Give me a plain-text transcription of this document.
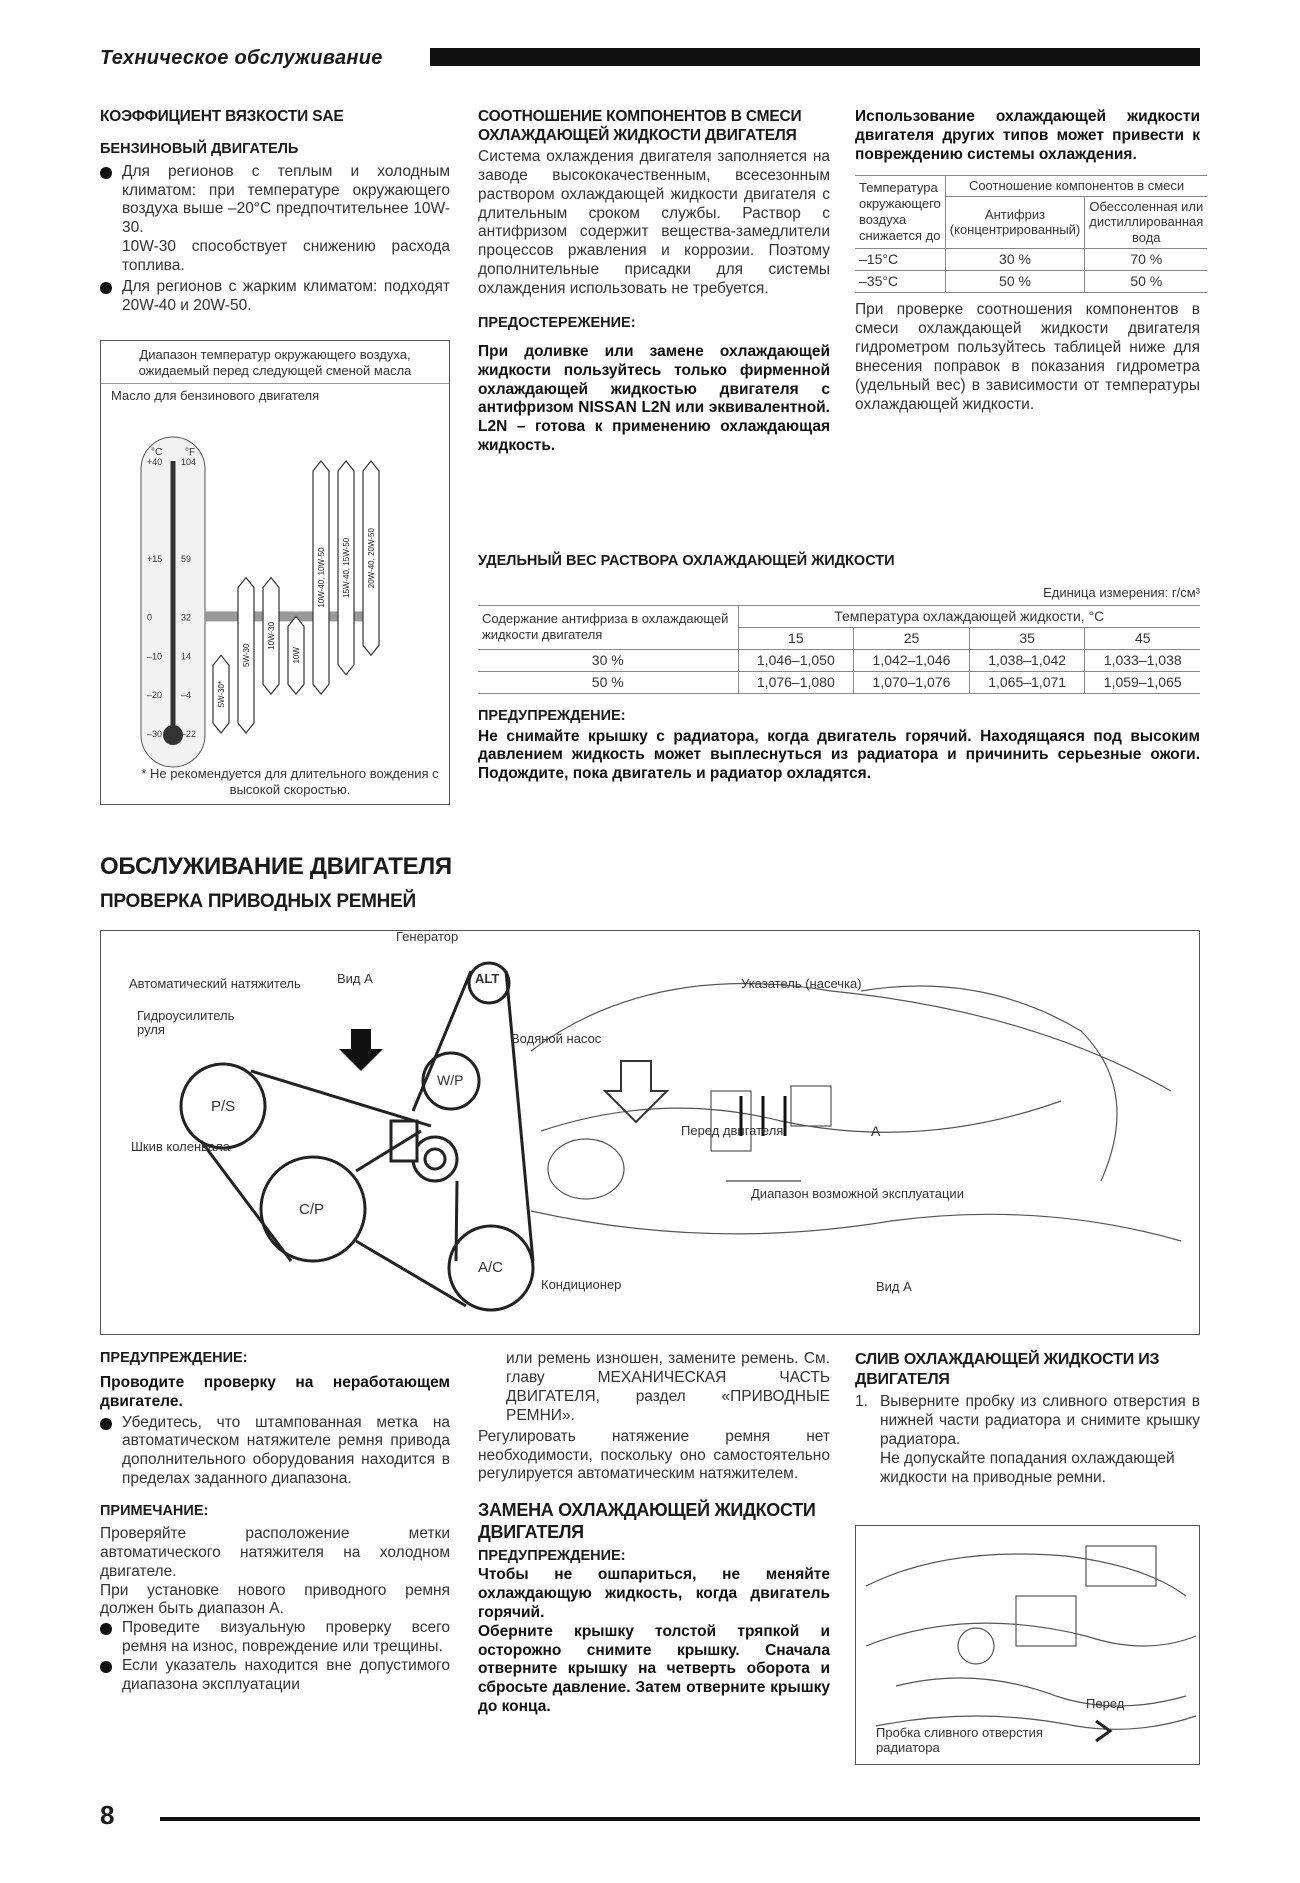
Техническое обслуживание
КОЭФФИЦИЕНТ ВЯЗКОСТИ SAE
БЕНЗИНОВЫЙ ДВИГАТЕЛЬ
Для регионов с теплым и холодным климатом: при температуре окружающего воздуха выше –20°C предпочтительнее 10W-30.
10W-30 способствует снижению расхода топлива.
Для регионов с жарким климатом: подходят 20W-40 и 20W-50.
Диапазон температур окружающего воздуха, ожидаемый перед следующей сменой масла
Масло для бензинового двигателя
°C °F
+40 104
+15 59
0	32
–10 14
–20 –4
–30 –22
5W-30*
5W-30
10W-30
10W
10W-40, 10W-50 15W-40, 15W-50 20W-40, 20W-50
* Не рекомендуется для длительного вождения с высокой скоростью.
СООТНОШЕНИЕ КОМПОНЕНТОВ В СМЕСИ ОХЛАЖДАЮЩЕЙ ЖИДКОСТИ ДВИГАТЕЛЯ
Система охлаждения двигателя заполняется на заводе высококачественным, всесезонным раствором охлаждающей жидкости двигателя с длительным сроком службы. Раствор с антифризом содержит вещества-замедлители процессов ржавления и коррозии. Поэтому дополнительные присадки для системы охлаждения использовать не требуется.
ПРЕДОСТЕРЕЖЕНИЕ:
При доливке или замене охлаждающей жидкости пользуйтесь только фирменной охлаждающей жидкостью двигателя с антифризом NISSAN L2N или эквивалентной. L2N – готова к применению охлаждающая жидкость.
Использование охлаждающей жидкости двигателя других типов может привести к повреждению системы охлаждения.
Температура окружающего воздуха снижается до	Соотношение компонентов в смеси	
	Антифриз (концентрированный)	Обессоленная или дистиллированная вода
–15°C	30 %	70 %
–35°C	50 %	50 %
При проверке соотношения компонентов в смеси охлаждающей жидкости двигателя гидрометром пользуйтесь таблицей ниже для внесения поправок в показания гидрометра (удельный вес) в зависимости от температуры охлаждающей жидкости.
УДЕЛЬНЫЙ ВЕС РАСТВОРА ОХЛАЖДАЮЩЕЙ ЖИДКОСТИ
Единица измерения: г/см³
Содержание антифриза в охлаждающей жидкости двигателя	Температура охлаждающей жидкости, °C			
	15	25	35	45
30 %	1,046–1,050	1,042–1,046	1,038–1,042	1,033–1,038
50 %	1,076–1,080	1,070–1,076	1,065–1,071	1,059–1,065
ПРЕДУПРЕЖДЕНИЕ:
Не снимайте крышку с радиатора, когда двигатель горячий. Находящаяся под высоким давлением жидкость может выплеснуться из радиатора и причинить серьезные ожоги. Подождите, пока двигатель и радиатор охладятся.
ОБСЛУЖИВАНИЕ ДВИГАТЕЛЯ
ПРОВЕРКА ПРИВОДНЫХ РЕМНЕЙ
Генератор
ALT
Автоматический натяжитель	Вид A
Гидроусилитель руля
P/S
W/P
Водяной насос
Шкив коленвала
C/P
A/C
Кондиционер
Указатель (насечка)
Перед двигателя	A
Диапазон возможной эксплуатации
Вид A
ПРЕДУПРЕЖДЕНИЕ:
Проводите проверку на неработающем двигателе.
Убедитесь, что штампованная метка на автоматическом натяжителе ремня привода дополнительного оборудования находится в пределах заданного диапазона.
ПРИМЕЧАНИЕ:
Проверяйте расположение метки автоматического натяжителя на холодном двигателе.
При установке нового приводного ремня должен быть диапазон A.
Проведите визуальную проверку всего ремня на износ, повреждение или трещины.
Если указатель находится вне допустимого диапазона эксплуатации
или ремень изношен, замените ремень. См. главу МЕХАНИЧЕСКАЯ ЧАСТЬ ДВИГАТЕЛЯ, раздел «ПРИВОДНЫЕ РЕМНИ».
Регулировать натяжение ремня нет необходимости, поскольку оно самостоятельно регулируется автоматическим натяжителем.
ЗАМЕНА ОХЛАЖДАЮЩЕЙ ЖИДКОСТИ ДВИГАТЕЛЯ
ПРЕДУПРЕЖДЕНИЕ:
Чтобы не ошпариться, не меняйте охлаждающую жидкость, когда двигатель горячий.
Оберните крышку толстой тряпкой и осторожно снимите крышку. Сначала отверните крышку на четверть оборота и сбросьте давление. Затем отверните крышку до конца.
СЛИВ ОХЛАЖДАЮЩЕЙ ЖИДКОСТИ ИЗ ДВИГАТЕЛЯ
1. Выверните пробку из сливного отверстия в нижней части радиатора и снимите крышку радиатора.
Не допускайте попадания охлаждающей жидкости на приводные ремни.
Перед
Пробка сливного отверстия радиатора
8
